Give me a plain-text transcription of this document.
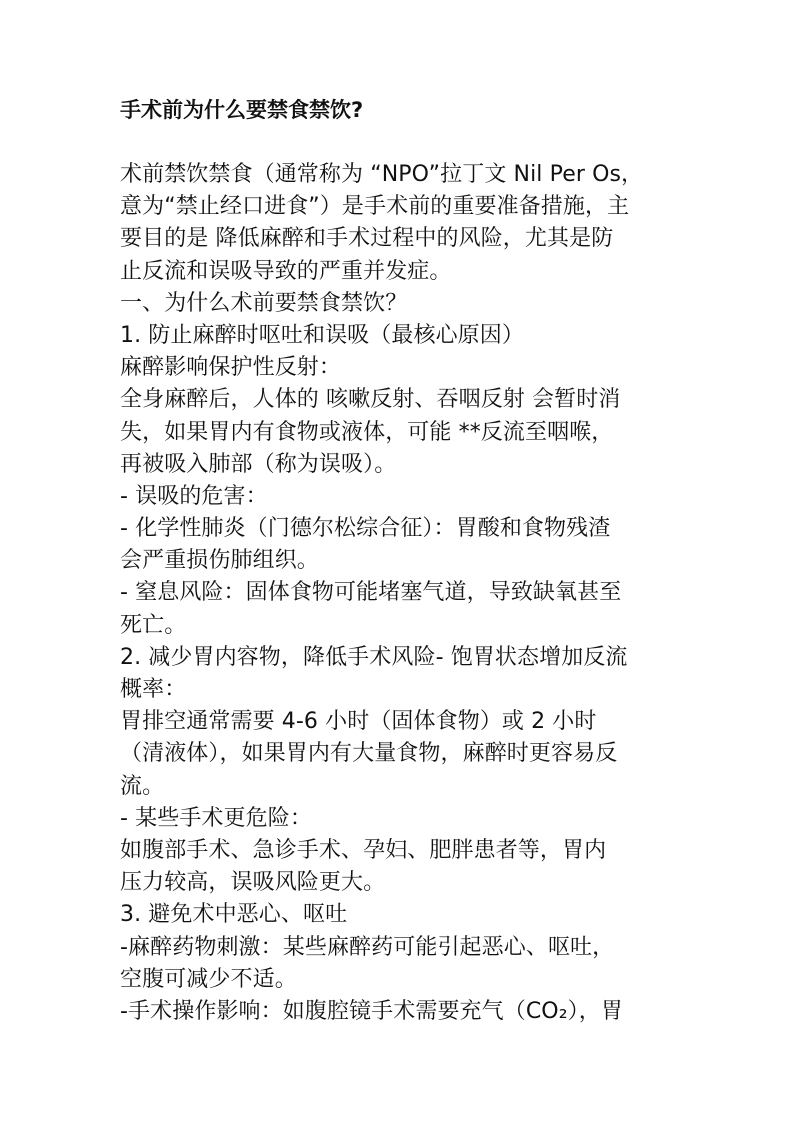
手术前为什么要禁食禁饮?
术前禁饮禁食（通常称为 “NPO”拉丁文 Nil Per Os，
意为“禁止经口进食”）是手术前的重要准备措施，主
要目的是 降低麻醉和手术过程中的风险，尤其是防
止反流和误吸导致的严重并发症。
一、为什么术前要禁食禁饮？
1. 防止麻醉时呕吐和误吸（最核心原因）
麻醉影响保护性反射：
全身麻醉后，人体的 咳嗽反射、吞咽反射 会暂时消
失，如果胃内有食物或液体，可能 **反流至咽喉，
再被吸入肺部（称为误吸）。
- 误吸的危害：
- 化学性肺炎（门德尔松综合征）：胃酸和食物残渣
会严重损伤肺组织。
- 窒息风险：固体食物可能堵塞气道，导致缺氧甚至
死亡。
2. 减少胃内容物，降低手术风险- 饱胃状态增加反流
概率：
胃排空通常需要 4-6 小时（固体食物）或 2 小时
（清液体），如果胃内有大量食物，麻醉时更容易反
流。
- 某些手术更危险：
如腹部手术、急诊手术、孕妇、肥胖患者等，胃内
压力较高，误吸风险更大。
3. 避免术中恶心、呕吐
-麻醉药物刺激：某些麻醉药可能引起恶心、呕吐，
空腹可减少不适。
-手术操作影响：如腹腔镜手术需要充气（CO₂），胃
